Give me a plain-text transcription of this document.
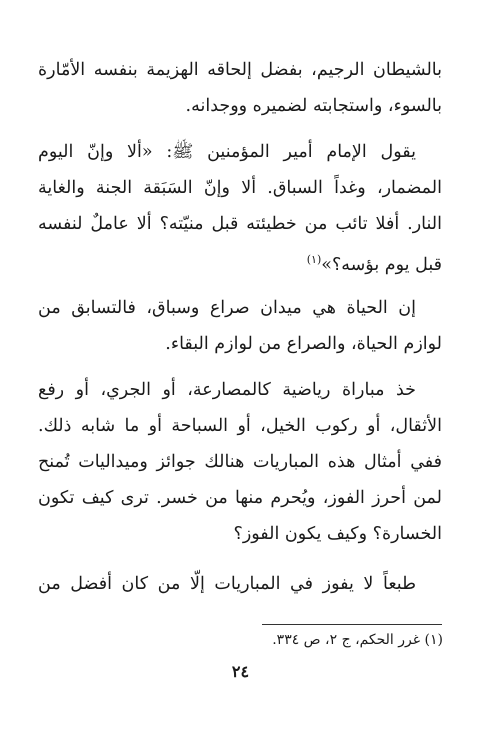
بالشيطان الرجيم، بفضل إلحاقه الهزيمة بنفسه الأمّارة
بالسوء، واستجابته لضميره ووجدانه.
يقول الإمام أمير المؤمنين ﷺ: «ألا وإنّ اليوم
المضمار، وغداً السباق. ألا وإنّ السَبَقة الجنة والغاية
النار. أفلا تائب من خطيئته قبل منيّته؟ ألا عاملٌ لنفسه
قبل يوم بؤسه؟»$^{(١)}$
إن الحياة هي ميدان صراع وسباق، فالتسابق من
لوازم الحياة، والصراع من لوازم البقاء.
خذ مباراة رياضية كالمصارعة، أو الجري، أو رفع
الأثقال، أو ركوب الخيل، أو السباحة أو ما شابه ذلك.
ففي أمثال هذه المباريات هنالك جوائز وميداليات تُمنح
لمن أحرز الفوز، ويُحرم منها من خسر. ترى كيف تكون
الخسارة؟ وكيف يكون الفوز؟
طبعاً لا يفوز في المباريات إلّا من كان أفضل من
(١) غرر الحكم، ج ٢، ص ٣٣٤.
٢٤
